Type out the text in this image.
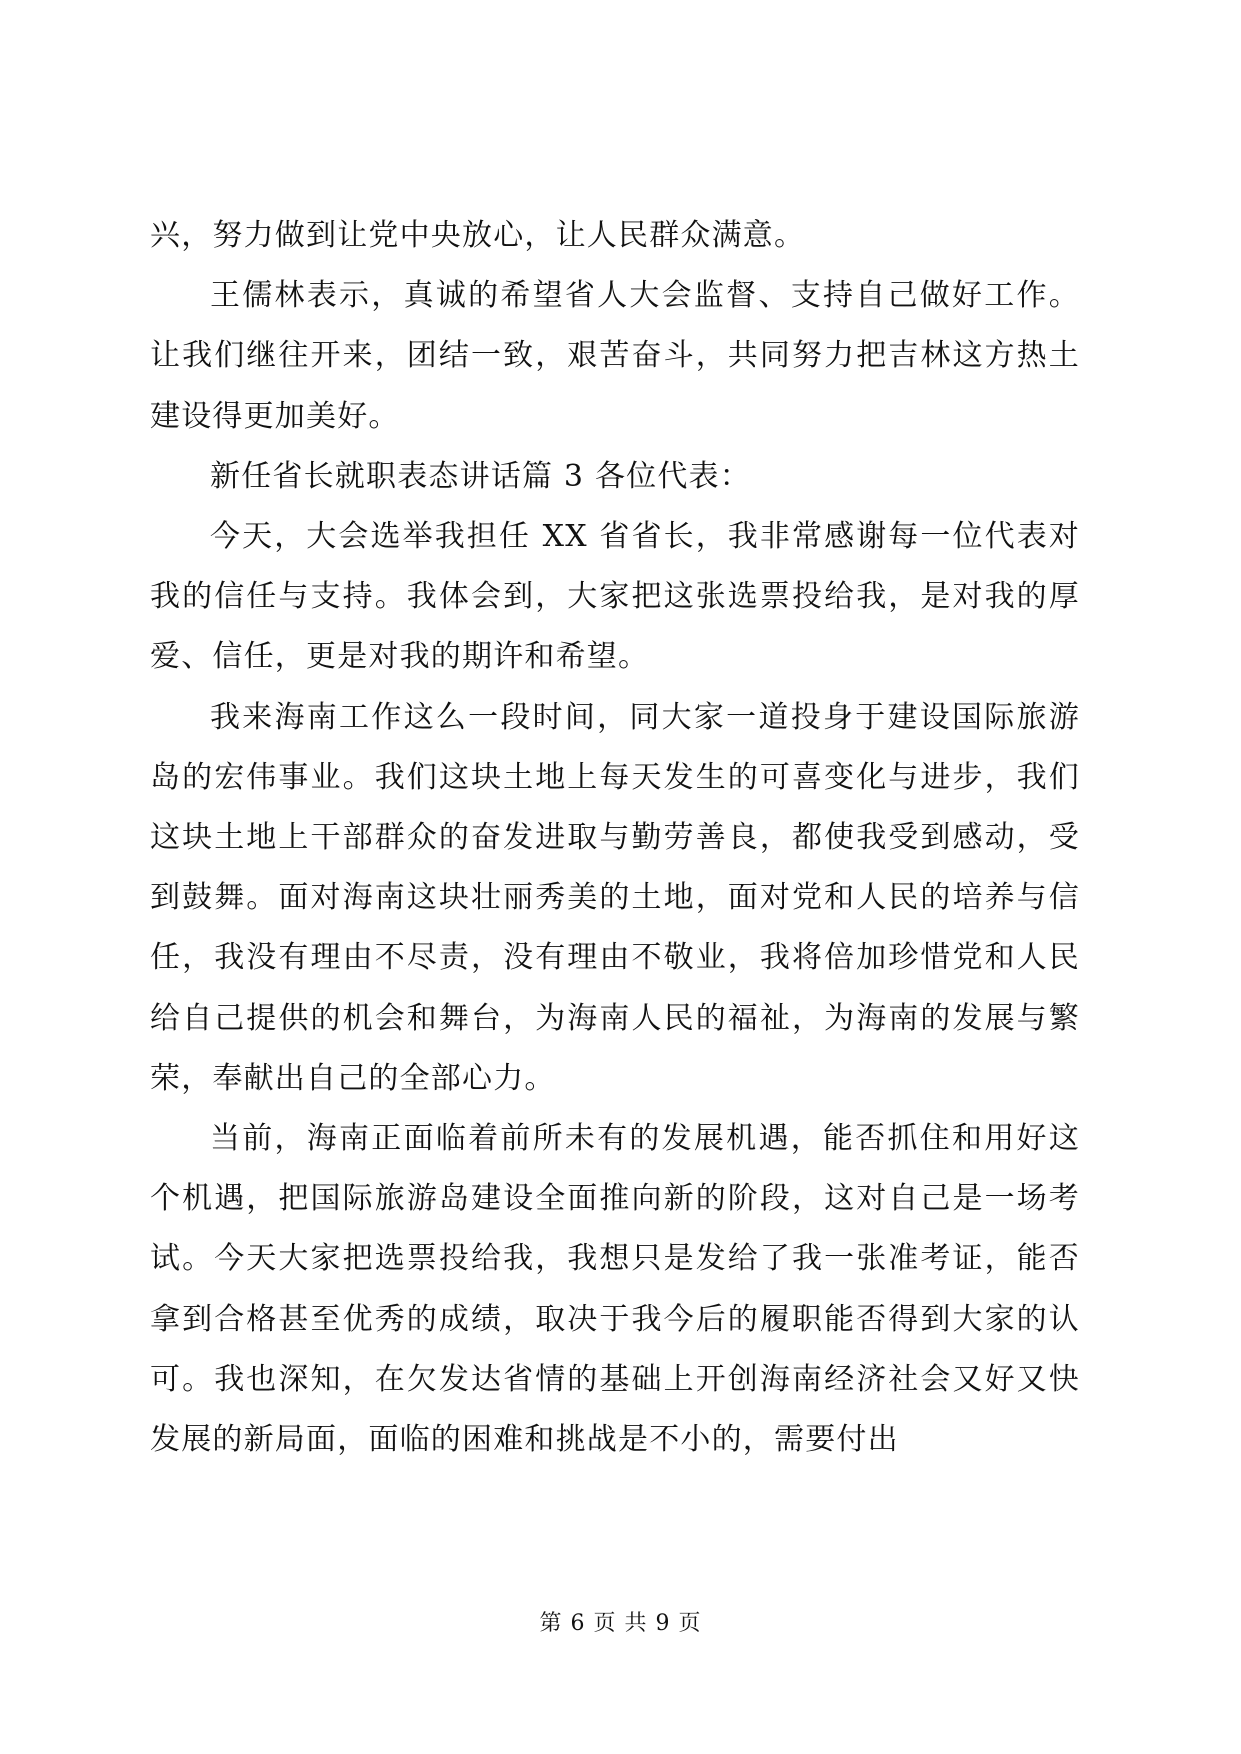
兴，努力做到让党中央放心，让人民群众满意。

王儒林表示，真诚的希望省人大会监督、支持自己做好工作。让我们继往开来，团结一致，艰苦奋斗，共同努力把吉林这方热土建设得更加美好。

新任省长就职表态讲话篇 3 各位代表：

今天，大会选举我担任 XX 省省长，我非常感谢每一位代表对我的信任与支持。我体会到，大家把这张选票投给我，是对我的厚爱、信任，更是对我的期许和希望。

我来海南工作这么一段时间，同大家一道投身于建设国际旅游岛的宏伟事业。我们这块土地上每天发生的可喜变化与进步，我们这块土地上干部群众的奋发进取与勤劳善良，都使我受到感动，受到鼓舞。面对海南这块壮丽秀美的土地，面对党和人民的培养与信任，我没有理由不尽责，没有理由不敬业，我将倍加珍惜党和人民给自己提供的机会和舞台，为海南人民的福祉，为海南的发展与繁荣，奉献出自己的全部心力。

当前，海南正面临着前所未有的发展机遇，能否抓住和用好这个机遇，把国际旅游岛建设全面推向新的阶段，这对自己是一场考试。今天大家把选票投给我，我想只是发给了我一张准考证，能否拿到合格甚至优秀的成绩，取决于我今后的履职能否得到大家的认可。我也深知，在欠发达省情的基础上开创海南经济社会又好又快发展的新局面，面临的困难和挑战是不小的，需要付出

第 6 页 共 9 页
